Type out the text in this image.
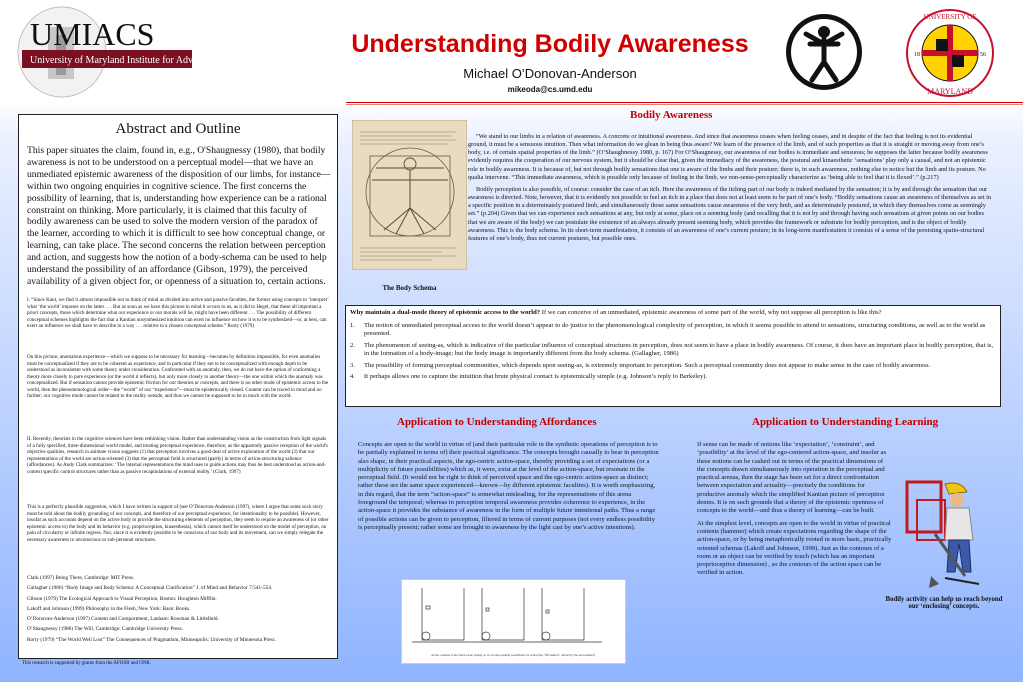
UMIACS
University of Maryland Institute for Advanced Computer Studies
Understanding Bodily Awareness
Michael O’Donovan-Anderson
mikeoda@cs.umd.edu
UNIVERSITY OF
MARYLAND
18	56
Abstract and Outline
This paper situates the claim, found in, e.g., O'Shaugnessy (1980), that bodily awareness is not to be understood on a perceptual model—that we have an unmediated epistemic awareness of the disposition of our limbs, for instance—within two ongoing enquiries in cognitive science. The first concerns the possibility of learning, that is, understanding how experience can be a rational constraint on thinking. More particularly, it is claimed that this faculty of bodily awareness can be used to solve the modern version of the paradox of the learner, according to which it is difficult to see how conceptual change, or learning, can take place. The second concerns the relation between perception and action, and suggests how the notion of a body-schema can be used to help understand the possibility of an affordance (Gibson, 1979), the perceived availability of a given object for, or openness of a situation to, certain actions.
I. “Since Kant, we find it almost impossible not to think of mind as divided into active and passive faculties, the former using concepts to ‘interpret’ what ‘the world’ imposes on the latter . . . But as soon as we have this picture in mind it occurs to us, as it did to Hegel, that these all important a priori concepts, those which determine what our experience or our morals will be, might have been different . . . The possibility of different conceptual schemes highlights the fact that a Kantian unsynthesized intuition can exert no influence on how it is to be synthesized—or, at best, can exert an influence we shall have to describe in a way . . . relative to a chosen conceptual scheme.” Rorty (1979)
On this picture, anomalous experience—which we suppose to be necessary for learning—becomes by definition impossible, for even anomalies must be conceptualized if they are to be coherent as experience, and in particular if they are to be conceptualized with enough depth to be understood as inconsistent with some theory under consideration. Confronted with an anomaly, then, we do not have the option of conforming a theory more closely to pure experience (or the world it reflects), but only more closely to another theory—the one within which the anomaly was conceptualized. But if sensation cannot provide epistemic friction for our theories or concepts, and there is no other mode of epistemic access to the world, then the phenomenological order—the “world” of our “experience”—must be epistemically closed. Content can be traced to mind and no further; our cognitive mode cannot be related to the reality outside, and thus we cannot be supposed to be in touch with the world.
II. Recently, theorists in the cognitive sciences have been rethinking vision. Rather than understanding vision as the construction from light signals of a fully specified, three-dimensional world model, and treating perceptual experience, therefore, as the apparently passive reception of the world's objective qualities, research in animate vision suggests (1) that perception involves a good deal of active exploration of the world (2) that our representations of the world are action-oriented (3) that the perceptual field is structured (partly) in terms of action-structuring salience (affordances). As Andy Clark summarizes: ‘The internal representations the mind uses to guide actions may thus be best understood as action-and-context specific control structures rather than as passive recapitulations of external reality.’ (Clark, 1997)
This is a perfectly plausible suggestion, which I have written in support of (see O’Donovan-Anderson (1997), where I argue that some such story must be told about the bodily grounding of our concepts, and therefore of our perceptual experience, for intentionality to be possible). However, insofar as such accounts depend on the active body to provide the structuring elements of perception, they seem to require an awareness of (or other epistemic access to) the body and its behavior (e.g. proprioception, kinaesthesia), which cannot itself be understood on the model of perception, on pain of circularity or infinite regress. Nor, since it is evidently possible to be conscious of our body and its movement, can we simply relegate the necessary awareness to unconscious or sub-personal structures.
Clark (1997) Being There, Cambridge: MIT Press.
Gallagher (1986) “Body Image and Body Schema: A Conceptual Clarification” J. of Mind and Behavior 7:541-554.
Gibson (1979) The Ecological Approach to Visual Perception, Boston: Houghton Mifflin.
Lakoff and Johnson (1999) Philosophy in the Flesh, New York: Basic Books.
O’Donovan-Anderson (1997) Content and Comportment, Lanham: Rowman & Littlefield.
O’Shaugnessy (1980) The Will, Cambridge: Cambridge University Press.
Rorty (1979) “The World Well Lost” The Consequences of Pragmatism, Minneapolis: University of Minnesota Press.
This research is supported by grants from the AFOSR and ONR.
Bodily Awareness
The Body Schema

“We stand to our limbs in a relation of awareness. A concrete or intuitional awareness. And since that awareness ceases when feeling ceases, and in despite of the fact that feeling is not its evidential ground, it must be a sensuous intuition. Then what information do we glean in being thus aware? We learn of the presence of the limb, and of such properties as that it is straight or moving away from one’s body, i.e. of certain spatial properties of the limb.” (O’Shaughnessy 1980, p. 167) For O’Shaugnessy, our awareness of our bodies is immediate and sensuous; he supposes the latter because bodily awareness evidently requires the cooperation of our nervous system, but it should be clear that, given the immediacy of the awareness, the postural and kinaesthetic ‘sensations’ play only a causal, and not an epistemic role in bodily awareness. It is because of, but not through bodily sensations that one is aware of the limbs and their posture; there is, in such awareness, nothing else to notice but the limb and its posture. No qualia intervene. “This immediate awareness, which is possible only because of feeling in the limb, we non-sense-perceptually characterize as ‘being able to feel that it is flexed’.” (p.217)

Bodily perception is also possible, of course: consider the case of an itch. Here the awareness of the itching part of our body is indeed mediated by the sensation; it is by and through the sensation that our awareness is directed. Note, however, that it is evidently not possible to feel an itch in a place that does not at least seem to be part of one’s body. “Bodily sensations cause an awareness of themselves as set in a specific position in a determinately postured limb, and simultaneously those same sensations cause awareness of the very limb, and as determinately postured, in which they themselves come as seemingly set.” (p.204) Given that we can experience such sensations at any, but only at some, place on a seeming body (and recalling that it is not by and through having such sensations at given points on our bodies that we are aware of the body) we can postulate the existence of an always already present seeming body, which provides the framework or substrate for bodily perception, and is the object of bodily awareness. This is the body schema. In its short-term manifestation, it consists of an awareness of one’s current posture; in its long-term manifestation it consists of a sense of the persisting spatio-structural features of one’s body, thus not current postures, but possible ones.

Why maintain a dual-mode theory of epistemic access to the world? If we can conceive of an unmediated, epistemic awareness of some part of the world, why not suppose all perception is like this?
1.	The notion of unmediated perceptual access to the world doesn’t appear to do justice to the phenomenological complexity of perception, in which it seems possible to attend to sensations, structuring conditions, as well as to the world as presented.
2.	The phenomenon of seeing-as, which is indicative of the particular influence of conceptual structures in perception, does not seem to have a place in bodily awareness. Of course, it does have an important place in bodily perception, that is, in the formation of a body-image; but the body image is importantly different from the body schema. (Gallagher, 1986)
3.	The possibility of forming perceptual communities, which depends upon seeing-as, is extremely important to perception. Such a perceptual community does not appear to make sense in the case of bodily awareness.
4.	It perhaps allows one to capture the intuition that brute physical contact is epistemically simple (e.g. Johnson’s reply to Berkeley).
Application to Understanding Affordances
Concepts are open to the world in virtue of (and their particular role in the synthetic operations of perception is to be partially explained in terms of) their practical significance. The concepts brought causally to bear in perception also shape, in their practical aspects, the ego-centric action-space, thereby providing a set of expectations (or a multiplicity of future possibilities) which as, it were, exist at the level of the action-space, but resonate in the perceptual field. (It would not be right to think of perceived space and the ego-centric action-space as distinct; rather these are the same space experienced—known—by different epistemic faculties). It is worth emphasizing, in this regard, that the term “action-space” is somewhat misleading, for the representations of this arena foreground the temporal; whereas in perception temporal awareness provides coherence to experience, in the action-space it provides the substance of awareness in the form of multiple future intentional paths. Thus a range of possible actions can be given to perception, filtered in terms of current purposes (not every endless possibility is perceptually present; rather some are brought to awareness by the light cast by one’s active intentions).
As the contents of the visual scene change, so too do the potential possibilities for action (the “affordances” offered by the environment)
Application to Understanding Learning

If sense can be made of notions like ‘expectation’, ‘constraint’, and ‘possibility’ at the level of the ego-centered action-space, and insofar as these notions can be cashed out in terms of the practical dimensions of the concepts drawn simultaneously into operation in the perceptual and practical arenas, then the stage has been set for a direct confrontation between expectation and actuality—precisely the conditions for productive anomaly which the simplified Kantian picture of perception denies. It is on such grounds that a theory of the epistemic openness of concepts to the world—and thus a theory of learning—can be built.

At the simplest level, concepts are open to the world in virtue of practical contents (hammer) which create expectations regarding the shape of the action-space, or by being metaphorically rooted in more basic, practically oriented schemas (Lakoff and Johnson, 1999). Just as the contours of a room or an object can be verified by touch (which has an important proprioceptive dimension) , so the contours of the action space can be verified in action.

Bodily activity can help us reach beyond our ‘enclosing’ concepts.
